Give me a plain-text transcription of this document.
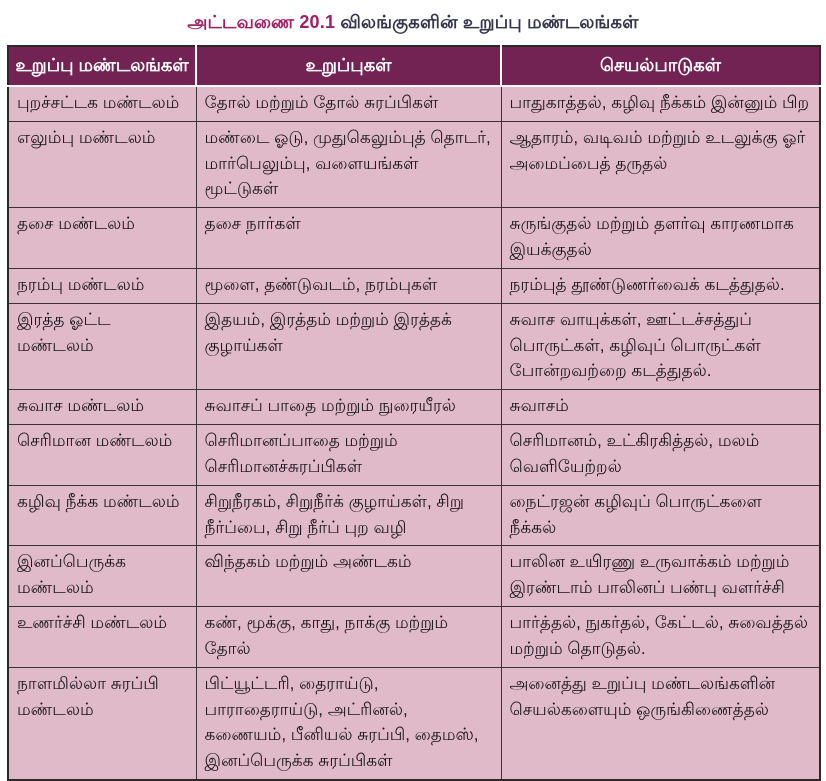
அட்டவணை 20.1 விலங்குகளின் உறுப்பு மண்டலங்கள்
உறுப்பு மண்டலங்கள்	உறுப்புகள்	செயல்பாடுகள்
புறச்சட்டக மண்டலம்	தோல் மற்றும் தோல் சுரப்பிகள்	பாதுகாத்தல், கழிவு நீக்கம் இன்னும் பிற
எலும்பு மண்டலம்	மண்டை ஓடு, முதுகெலும்புத் தொடர், மார்பெலும்பு, வளையங்கள் மூட்டுகள்	ஆதாரம், வடிவம் மற்றும் உடலுக்கு ஓர் அமைப்பைத் தருதல்
தசை மண்டலம்	தசை நார்கள்	சுருங்குதல் மற்றும் தளர்வு காரணமாக இயக்குதல்
நரம்பு மண்டலம்	மூளை, தண்டுவடம், நரம்புகள்	நரம்புத் தூண்டுணர்வைக் கடத்துதல்.
இரத்த ஓட்ட மண்டலம்	இதயம், இரத்தம் மற்றும் இரத்தக் குழாய்கள்	சுவாச வாயுக்கள், ஊட்டச்சத்துப் பொருட்கள், கழிவுப் பொருட்கள் போன்றவற்றை கடத்துதல்.
சுவாச மண்டலம்	சுவாசப் பாதை மற்றும் நுரையீரல்	சுவாசம்
செரிமான மண்டலம்	செரிமானப்பாதை மற்றும் செரிமானச்சுரப்பிகள்	செரிமானம், உட்கிரகித்தல், மலம் வெளியேற்றல்
கழிவு நீக்க மண்டலம்	சிறுநீரகம், சிறுநீர்க் குழாய்கள், சிறு நீர்ப்பை, சிறு நீர்ப் புற வழி	நைட்ரஜன் கழிவுப் பொருட்களை நீக்கல்
இனப்பெருக்க மண்டலம்	விந்தகம் மற்றும் அண்டகம்	பாலின உயிரணு உருவாக்கம் மற்றும் இரண்டாம் பாலினப் பண்பு வளர்ச்சி
உணர்ச்சி மண்டலம்	கண், மூக்கு, காது, நாக்கு மற்றும் தோல்	பார்த்தல், நுகர்தல், கேட்டல், சுவைத்தல் மற்றும் தொடுதல்.
நாளமில்லா சுரப்பி மண்டலம்	பிட்யூட்டரி, தைராய்டு, பாராதைராய்டு, அட்ரினல், கணையம், பீனியல் சுரப்பி, தைமஸ், இனப்பெருக்க சுரப்பிகள்	அனைத்து உறுப்பு மண்டலங்களின் செயல்களையும் ஒருங்கிணைத்தல்
